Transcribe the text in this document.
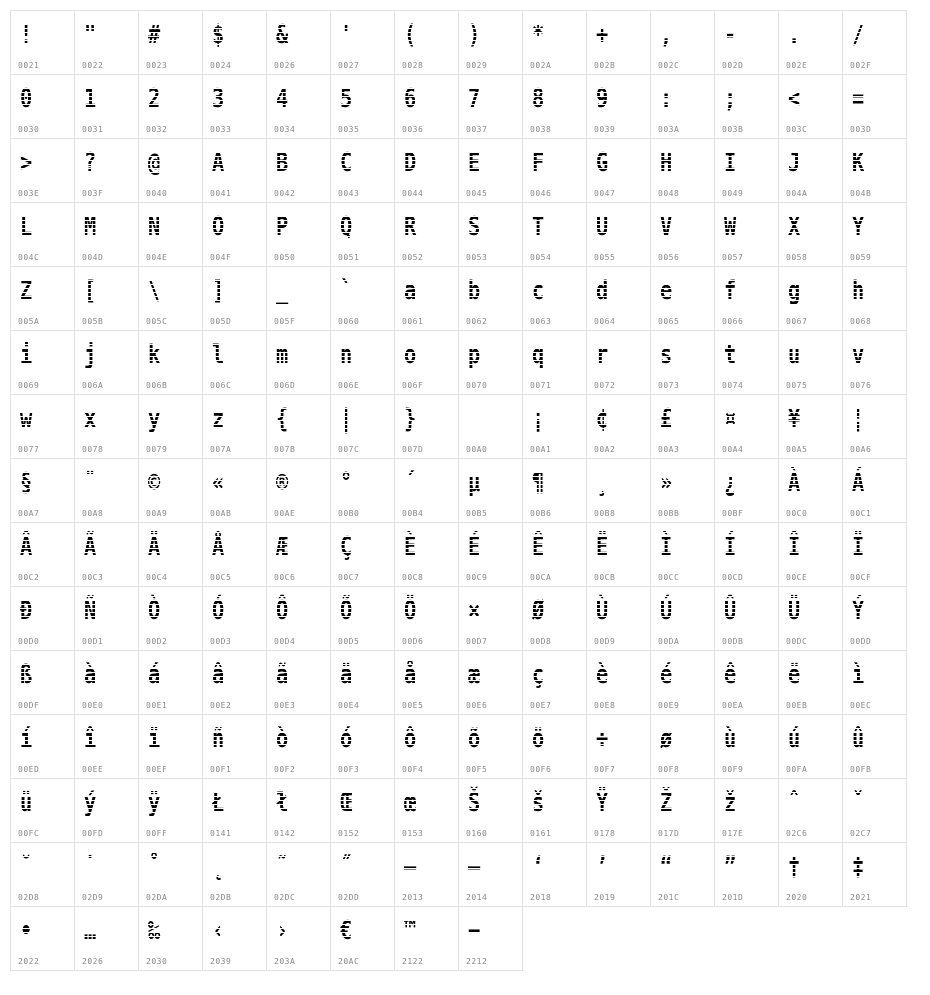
!
0021
"
0022
#
0023
$
0024
&
0026
'
0027
(
0028
)
0029
*
002A
+
002B
,
002C
-
002D
.
002E
/
002F
0
0030
1
0031
2
0032
3
0033
4
0034
5
0035
6
0036
7
0037
8
0038
9
0039
:
003A
;
003B
<
003C
=
003D
>
003E
?
003F
@
0040
A
0041
B
0042
C
0043
D
0044
E
0045
F
0046
G
0047
H
0048
I
0049
J
004A
K
004B
L
004C
M
004D
N
004E
O
004F
P
0050
Q
0051
R
0052
S
0053
T
0054
U
0055
V
0056
W
0057
X
0058
Y
0059
Z
005A
[
005B
\
005C
]
005D
_
005F
`
0060
a
0061
b
0062
c
0063
d
0064
e
0065
f
0066
g
0067
h
0068
i
0069
j
006A
k
006B
l
006C
m
006D
n
006E
o
006F
p
0070
q
0071
r
0072
s
0073
t
0074
u
0075
v
0076
w
0077
x
0078
y
0079
z
007A
{
007B
|
007C
}
007D
	00A0
¡
00A1
¢
00A2
£
00A3
¤
00A4
¥
00A5
¦
00A6
§
00A7
¨
00A8
©
00A9
«
00AB
®
00AE
°
00B0
´
00B4
µ
00B5
¶
00B6
¸
00B8
»
00BB
¿
00BF
À
00C0
Á
00C1
Â
00C2
Ã
00C3
Ä
00C4
Å
00C5
Æ
00C6
Ç
00C7
È
00C8
É
00C9
Ê
00CA
Ë
00CB
Ì
00CC
Í
00CD
Î
00CE
Ï
00CF
Ð
00D0
Ñ
00D1
Ò
00D2
Ó
00D3
Ô
00D4
Õ
00D5
Ö
00D6
×
00D7
Ø
00D8
Ù
00D9
Ú
00DA
Û
00DB
Ü
00DC
Ý
00DD
ß
00DF
à
00E0
á
00E1
â
00E2
ã
00E3
ä
00E4
å
00E5
æ
00E6
ç
00E7
è
00E8
é
00E9
ê
00EA
ë
00EB
ì
00EC
í
00ED
î
00EE
ï
00EF
ñ
00F1
ò
00F2
ó
00F3
ô
00F4
õ
00F5
ö
00F6
÷
00F7
ø
00F8
ù
00F9
ú
00FA
û
00FB
ü
00FC
ý
00FD
ÿ
00FF
Ł
0141
ł
0142
Œ
0152
œ
0153
Š
0160
š
0161
Ÿ
0178
Ž
017D
ž
017E
ˆ
02C6
ˇ
02C7
˘
02D8
˙
02D9
˚
02DA
˛
02DB
˜
02DC
˝
02DD
–
2013
—
2014
‘
2018
’
2019
“
201C
”
201D
†
2020
‡
2021
•
2022
…
2026
‰
2030
‹
2039
›
203A
€
20AC
™
2122
−
2212
